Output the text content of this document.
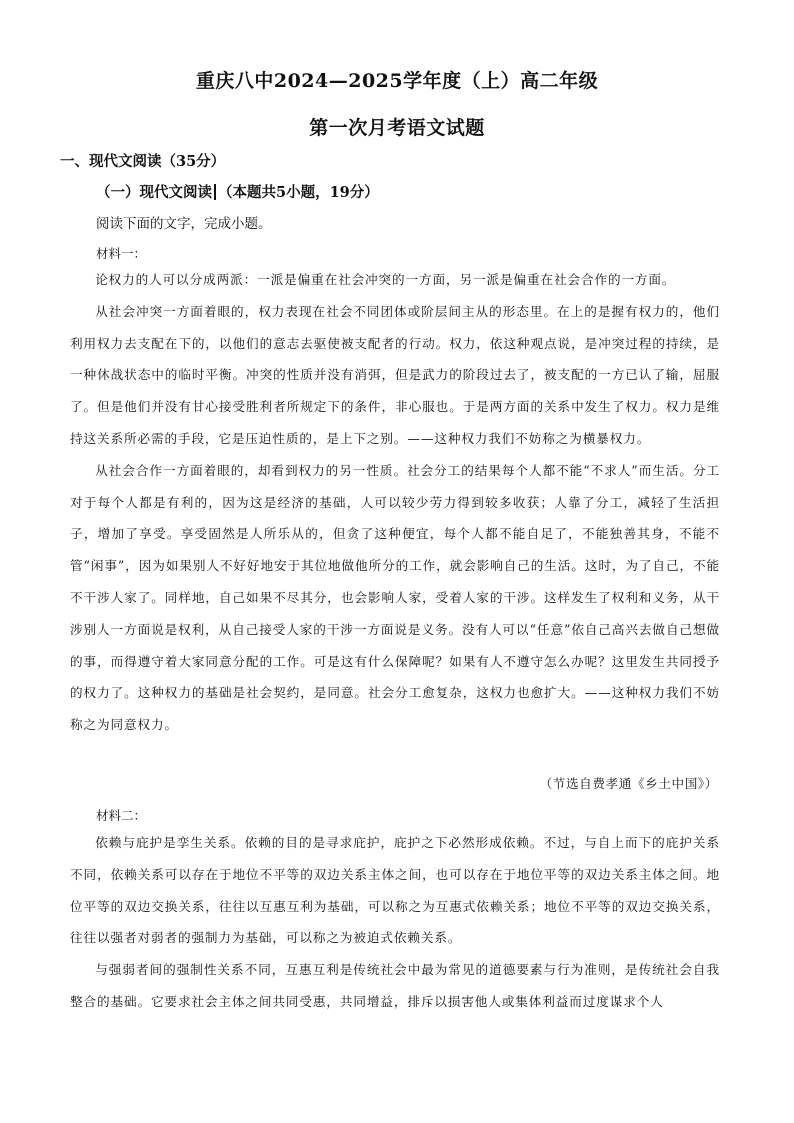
重庆八中2024—2025学年度（上）高二年级
第一次月考语文试题
一、现代文阅读（35分）
（一）现代文阅读 （本题共5小题，19分）
阅读下面的文字，完成小题。
材料一：

论权力的人可以分成两派：一派是偏重在社会冲突的一方面，另一派是偏重在社会合作的一方面。

从社会冲突一方面着眼的，权力表现在社会不同团体或阶层间主从的形态里。在上的是握有权力的，他们利用权力去支配在下的，以他们的意志去驱使被支配者的行动。权力，依这种观点说，是冲突过程的持续，是一种休战状态中的临时平衡。冲突的性质并没有消弭，但是武力的阶段过去了，被支配的一方已认了输，屈服了。但是他们并没有甘心接受胜利者所规定下的条件，非心服也。于是两方面的关系中发生了权力。权力是维持这关系所必需的手段，它是压迫性质的，是上下之别。——这种权力我们不妨称之为横暴权力。

从社会合作一方面着眼的，却看到权力的另一性质。社会分工的结果每个人都不能“不求人”而生活。分工对于每个人都是有利的，因为这是经济的基础，人可以较少劳力得到较多收获；人靠了分工，减轻了生活担子，增加了享受。享受固然是人所乐从的，但贪了这种便宜，每个人都不能自足了，不能独善其身，不能不管“闲事”，因为如果别人不好好地安于其位地做他所分的工作，就会影响自己的生活。这时，为了自己，不能不干涉人家了。同样地，自己如果不尽其分，也会影响人家，受着人家的干涉。这样发生了权利和义务，从干涉别人一方面说是权利，从自己接受人家的干涉一方面说是义务。没有人可以“任意”依自己高兴去做自己想做的事，而得遵守着大家同意分配的工作。可是这有什么保障呢？如果有人不遵守怎么办呢？这里发生共同授予的权力了。这种权力的基础是社会契约，是同意。社会分工愈复杂，这权力也愈扩大。——这种权力我们不妨称之为同意权力。

（节选自费孝通《乡土中国》）
材料二：

依赖与庇护是孪生关系。依赖的目的是寻求庇护，庇护之下必然形成依赖。不过，与自上而下的庇护关系不同，依赖关系可以存在于地位不平等的双边关系主体之间，也可以存在于地位平等的双边关系主体之间。地位平等的双边交换关系，往往以互惠互利为基础，可以称之为互惠式依赖关系；地位不平等的双边交换关系，往往以强者对弱者的强制力为基础，可以称之为被迫式依赖关系。

与强弱者间的强制性关系不同，互惠互利是传统社会中最为常见的道德要素与行为准则，是传统社会自我整合的基础。它要求社会主体之间共同受惠，共同增益，排斥以损害他人或集体利益而过度谋求个人
